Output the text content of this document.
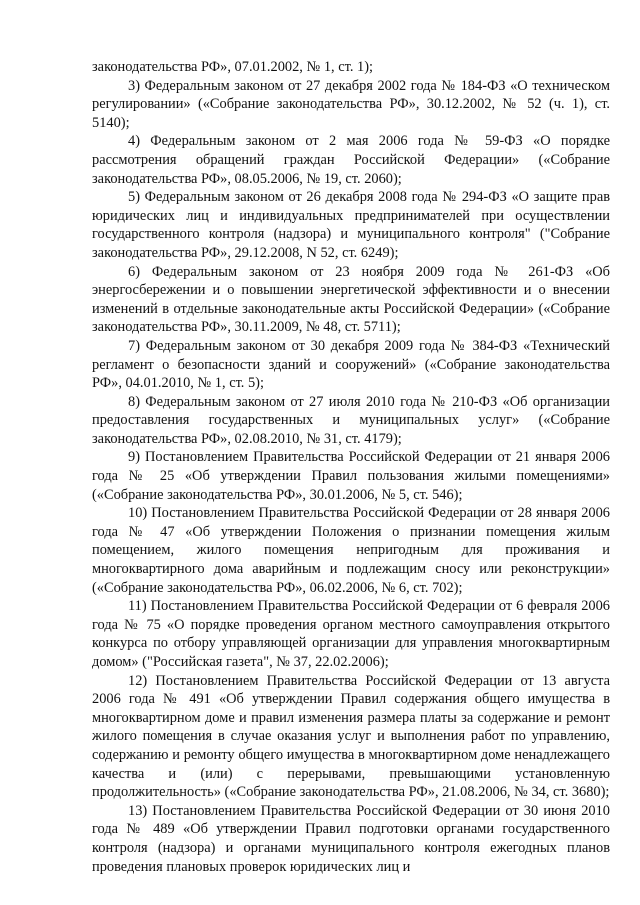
законодательства РФ», 07.01.2002, № 1, ст. 1);

3) Федеральным законом от 27 декабря 2002 года № 184-ФЗ «О техническом регулировании» («Собрание законодательства РФ», 30.12.2002, № 52 (ч. 1), ст. 5140);

4) Федеральным законом от 2 мая 2006 года № 59-ФЗ «О порядке рассмотрения обращений граждан Российской Федерации» («Собрание законодательства РФ», 08.05.2006, № 19, ст. 2060);

5) Федеральным законом от 26 декабря 2008 года № 294-ФЗ «О защите прав юридических лиц и индивидуальных предпринимателей при осуществлении государственного контроля (надзора) и муниципального контроля" ("Собрание законодательства РФ», 29.12.2008, N 52, ст. 6249);

6) Федеральным законом от 23 ноября 2009 года № 261-ФЗ «Об энергосбережении и о повышении энергетической эффективности и о внесении изменений в отдельные законодательные акты Российской Федерации» («Собрание законодательства РФ», 30.11.2009, № 48, ст. 5711);

7) Федеральным законом от 30 декабря 2009 года № 384-ФЗ «Технический регламент о безопасности зданий и сооружений» («Собрание законодательства РФ», 04.01.2010, № 1, ст. 5);

8) Федеральным законом от 27 июля 2010 года № 210-ФЗ «Об организации предоставления государственных и муниципальных услуг» («Собрание законодательства РФ», 02.08.2010, № 31, ст. 4179);

9) Постановлением Правительства Российской Федерации от 21 января 2006 года № 25 «Об утверждении Правил пользования жилыми помещениями» («Собрание законодательства РФ», 30.01.2006, № 5, ст. 546);

10) Постановлением Правительства Российской Федерации от 28 января 2006 года № 47 «Об утверждении Положения о признании помещения жилым помещением, жилого помещения непригодным для проживания и многоквартирного дома аварийным и подлежащим сносу или реконструкции» («Собрание законодательства РФ», 06.02.2006, № 6, ст. 702);

11) Постановлением Правительства Российской Федерации от 6 февраля 2006 года № 75 «О порядке проведения органом местного самоуправления открытого конкурса по отбору управляющей организации для управления многоквартирным домом» ("Российская газета", № 37, 22.02.2006);

12) Постановлением Правительства Российской Федерации от 13 августа 2006 года № 491 «Об утверждении Правил содержания общего имущества в многоквартирном доме и правил изменения размера платы за содержание и ремонт жилого помещения в случае оказания услуг и выполнения работ по управлению, содержанию и ремонту общего имущества в многоквартирном доме ненадлежащего качества и (или) с перерывами, превышающими установленную продолжительность» («Собрание законодательства РФ», 21.08.2006, № 34, ст. 3680);

13) Постановлением Правительства Российской Федерации от 30 июня 2010 года № 489 «Об утверждении Правил подготовки органами государственного контроля (надзора) и органами муниципального контроля ежегодных планов проведения плановых проверок юридических лиц и
